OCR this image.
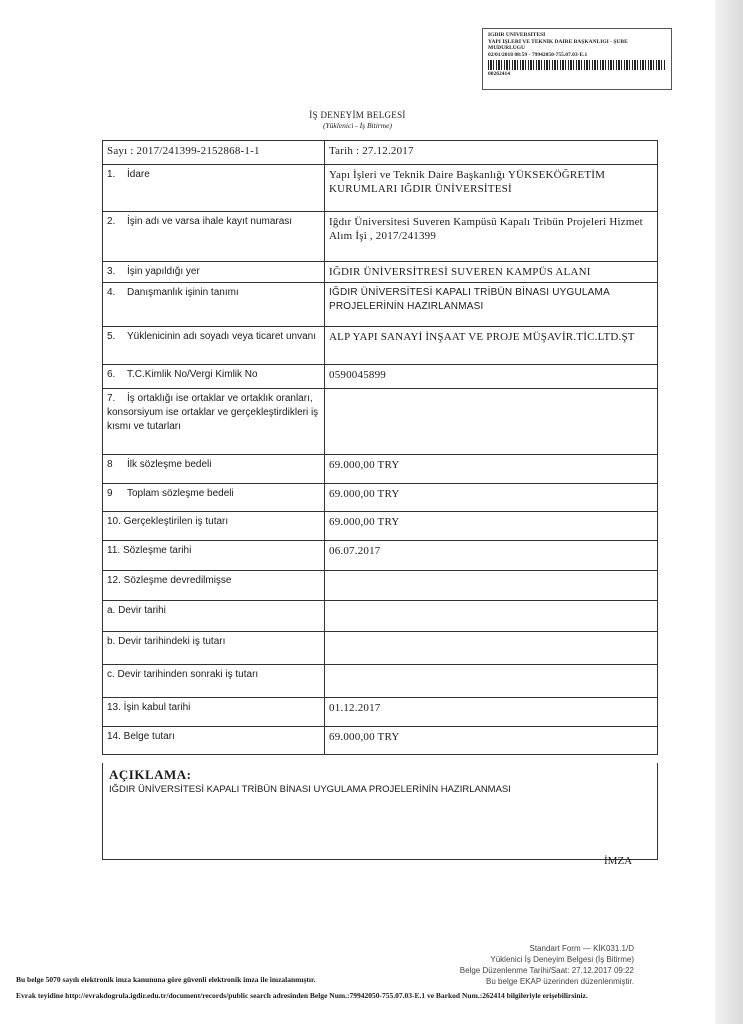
IĞDIR ÜNİVERSİTESİ
YAPI İŞLERİ VE TEKNİK DAİRE BAŞKANLIĞI - ŞUBE
MÜDÜRLÜĞÜ
02/01/2018 08:59 - 79942050-755.07.03-E.1
00262414
İŞ DENEYİM BELGESİ
(Yüklenici - İş Bitirme)
Sayı : 2017/241399-2152868-1-1	Tarih : 27.12.2017
1. İdare	Yapı İşleri ve Teknik Daire Başkanlığı YÜKSEKÖĞRETİM KURUMLARI IĞDIR ÜNİVERSİTESİ
2. İşin adı ve varsa ihale kayıt numarası	Iğdır Üniversitesi Suveren Kampüsü Kapalı Tribün Projeleri Hizmet Alım İşi , 2017/241399
3. İşin yapıldığı yer	IĞDIR ÜNİVERSİTRESİ SUVEREN KAMPÜS ALANI
4. Danışmanlık işinin tanımı	IĞDIR ÜNİVERSİTESİ KAPALI TRİBÜN BİNASI UYGULAMA PROJELERİNİN HAZIRLANMASI
5. Yüklenicinin adı soyadı veya ticaret unvanı	ALP YAPI SANAYİ İNŞAAT VE PROJE MÜŞAVİR.TİC.LTD.ŞT
6. T.C.Kimlik No/Vergi Kimlik No	0590045899
7. İş ortaklığı ise ortaklar ve ortaklık oranları, konsorsiyum ise ortaklar ve gerçekleştirdikleri iş kısmı ve tutarları	
8 İlk sözleşme bedeli	69.000,00 TRY
9 Toplam sözleşme bedeli	69.000,00 TRY
10. Gerçekleştirilen iş tutarı	69.000,00 TRY
11. Sözleşme tarihi	06.07.2017
12. Sözleşme devredilmişse	
a. Devir tarihi	
b. Devir tarihindeki iş tutarı	
c. Devir tarihinden sonraki iş tutarı	
13. İşin kabul tarihi	01.12.2017
14. Belge tutarı	69.000,00 TRY
AÇIKLAMA:
IĞDIR ÜNİVERSİTESİ KAPALI TRİBÜN BİNASI UYGULAMA PROJELERİNİN HAZIRLANMASI
İMZA
Standart Form — KİK031.1/D
Yüklenici İş Deneyim Belgesi (İş Bitirme)
Belge Düzenlenme Tarihi/Saat: 27.12.2017 09:22
Bu belge EKAP üzerinden düzenlenmiştir.
Bu belge 5070 sayılı elektronik imza kanununa göre güvenli elektronik imza ile imzalanmıştır.
Evrak teyidine http://evrakdogrula.igdir.edu.tr/document/records/public search adresinden Belge Num.:79942050-755.07.03-E.1 ve Barkod Num.:262414 bilgileriyle erişebilirsiniz.
